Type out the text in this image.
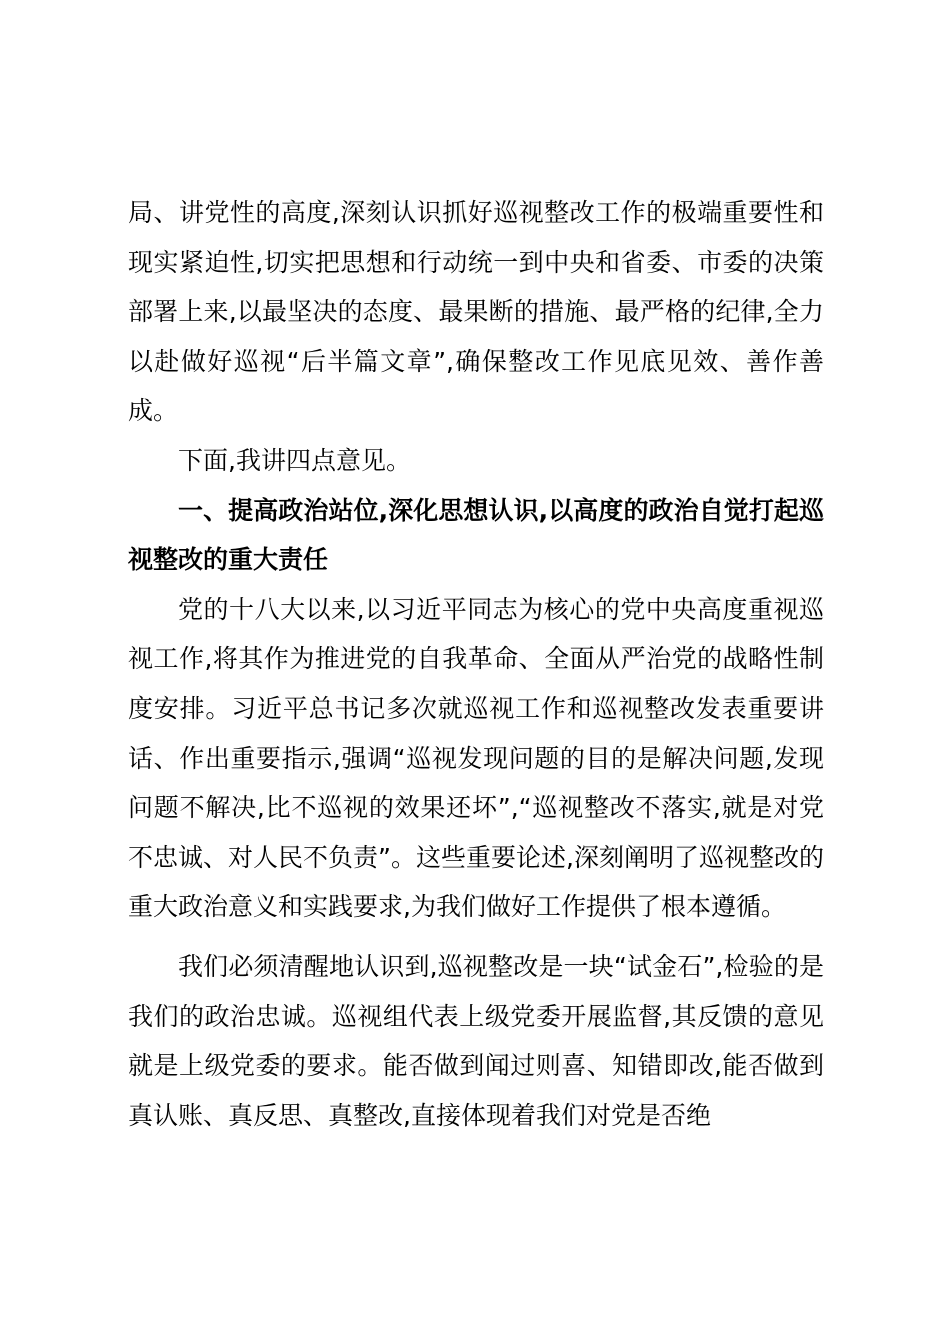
局、讲党性的高度,深刻认识抓好巡视整改工作的极端重要性和现实紧迫性,切实把思想和行动统一到中央和省委、市委的决策部署上来,以最坚决的态度、最果断的措施、最严格的纪律,全力以赴做好巡视“后半篇文章”,确保整改工作见底见效、善作善成。

下面,我讲四点意见。

一、提高政治站位,深化思想认识,以高度的政治自觉打起巡视整改的重大责任

党的十八大以来,以习近平同志为核心的党中央高度重视巡视工作,将其作为推进党的自我革命、全面从严治党的战略性制度安排。习近平总书记多次就巡视工作和巡视整改发表重要讲话、作出重要指示,强调“巡视发现问题的目的是解决问题,发现问题不解决,比不巡视的效果还坏”,“巡视整改不落实,就是对党不忠诚、对人民不负责”。这些重要论述,深刻阐明了巡视整改的重大政治意义和实践要求,为我们做好工作提供了根本遵循。

我们必须清醒地认识到,巡视整改是一块“试金石”,检验的是我们的政治忠诚。巡视组代表上级党委开展监督,其反馈的意见就是上级党委的要求。能否做到闻过则喜、知错即改,能否做到真认账、真反思、真整改,直接体现着我们对党是否绝
